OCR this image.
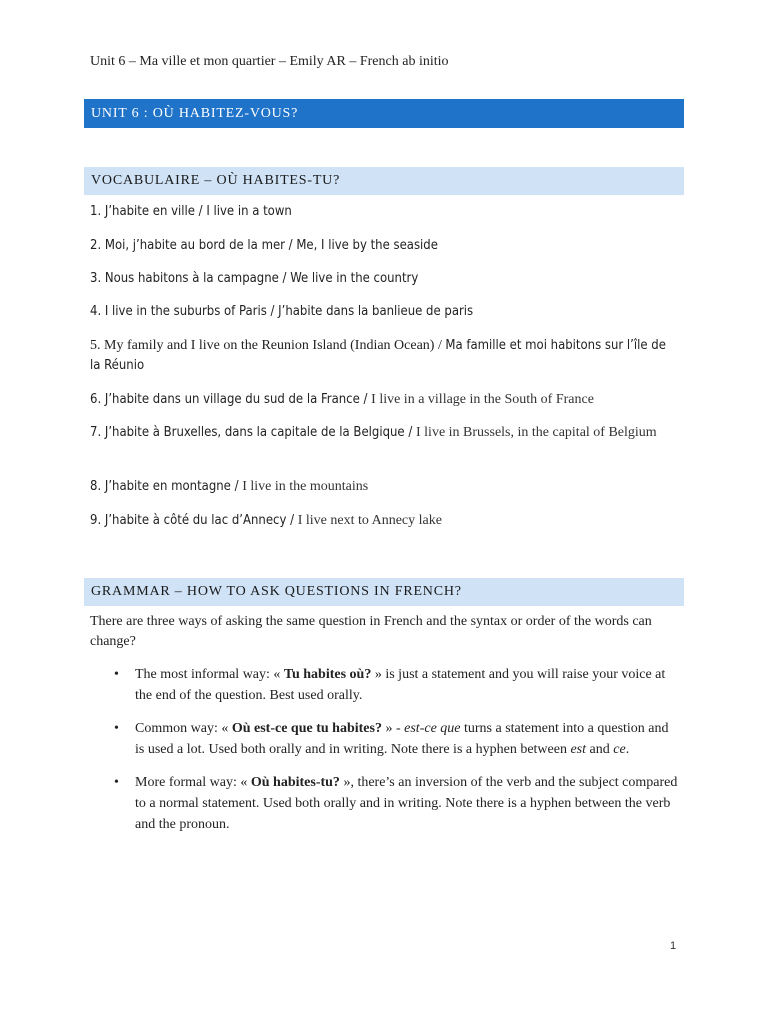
Unit 6 – Ma ville et mon quartier – Emily AR – French ab initio
UNIT 6 : OÙ HABITEZ-VOUS?
VOCABULAIRE – OÙ HABITES-TU?
1. J’habite en ville / I live in a town
2. Moi, j’habite au bord de la mer / Me, I live by the seaside
3. Nous habitons à la campagne / We live in the country
4. I live in the suburbs of Paris / J’habite dans la banlieue de paris
5. My family and I live on the Reunion Island (Indian Ocean) / Ma famille et moi habitons sur l’île de la Réunio
6. J’habite dans un village du sud de la France / I live in a village in the South of France
7. J’habite à Bruxelles, dans la capitale de la Belgique / I live in Brussels, in the capital of Belgium
8. J’habite en montagne / I live in the mountains
9. J’habite à côté du lac d’Annecy / I live next to Annecy lake
GRAMMAR – HOW TO ASK QUESTIONS IN FRENCH?
There are three ways of asking the same question in French and the syntax or order of the words can change?
• The most informal way: « Tu habites où? » is just a statement and you will raise your voice at the end of the question. Best used orally.
• Common way: « Où est-ce que tu habites? » - est-ce que turns a statement into a question and is used a lot. Used both orally and in writing. Note there is a hyphen between est and ce.
• More formal way: « Où habites-tu? », there’s an inversion of the verb and the subject compared to a normal statement. Used both orally and in writing. Note there is a hyphen between the verb and the pronoun.
1
